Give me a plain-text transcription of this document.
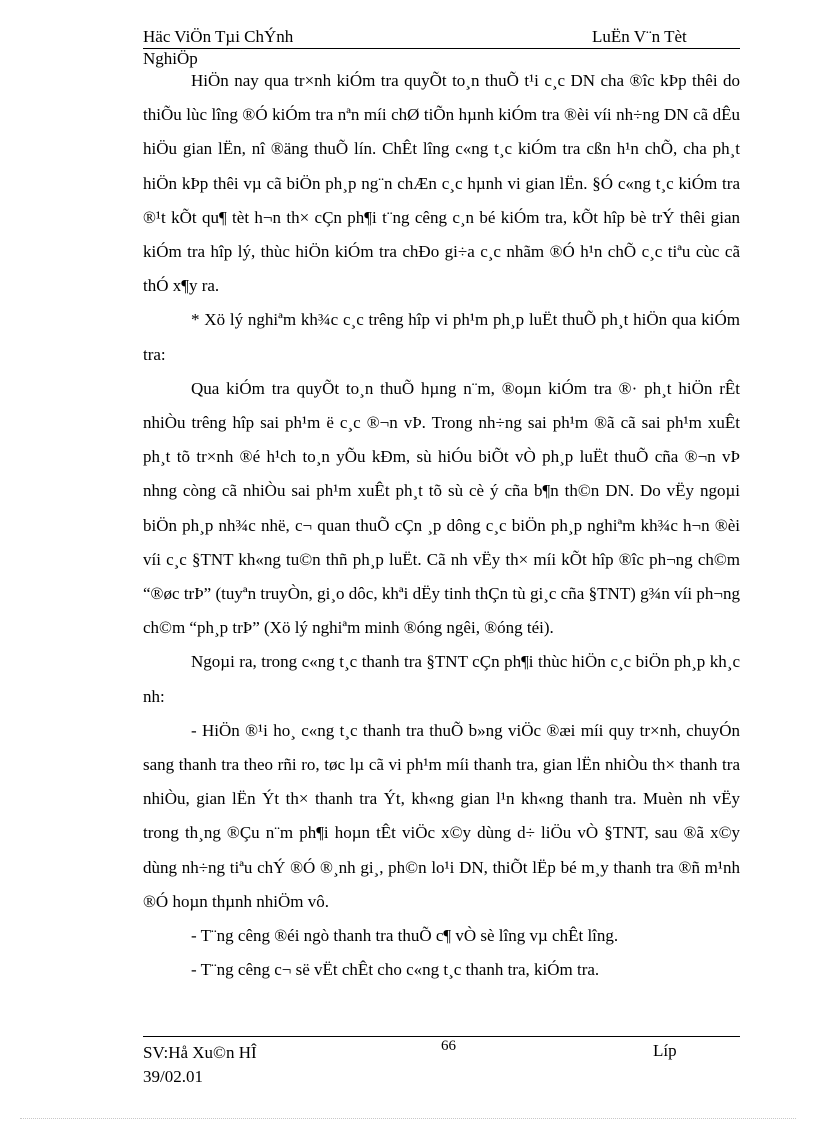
Häc ViÖn Tµi ChÝnh	LuËn V¨n Tèt
NghiÖp

HiÖn nay qua tr×nh kiÓm tra quyÕt to¸n thuÕ t¹i c¸c DN cha ®îc kÞp thêi do thiÕu lùc lîng ®Ó kiÓm tra nªn míi chØ tiÕn hµnh kiÓm tra ®èi víi nh÷ng DN cã dÊu hiÖu gian lËn, nî ®äng thuÕ lín. ChÊt lîng c«ng t¸c kiÓm tra cßn h¹n chÕ, cha ph¸t hiÖn kÞp thêi vµ cã biÖn ph¸p ng¨n chÆn c¸c hµnh vi gian lËn. §Ó c«ng t¸c kiÓm tra ®¹t kÕt qu¶ tèt h¬n th× cÇn ph¶i t¨ng cêng c¸n bé kiÓm tra, kÕt hîp bè trÝ thêi gian kiÓm tra hîp lý, thùc hiÖn kiÓm tra chÐo gi÷a c¸c nhãm ®Ó h¹n chÕ c¸c tiªu cùc cã thÓ x¶y ra.

* Xö lý nghiªm kh¾c c¸c trêng hîp vi ph¹m ph¸p luËt thuÕ ph¸t hiÖn qua kiÓm tra:

Qua kiÓm tra quyÕt to¸n thuÕ hµng n¨m, ®oµn kiÓm tra ®· ph¸t hiÖn rÊt nhiÒu trêng hîp sai ph¹m ë c¸c ®¬n vÞ. Trong nh÷ng sai ph¹m ®ã cã sai ph¹m xuÊt ph¸t tõ tr×nh ®é h¹ch to¸n yÕu kÐm, sù hiÓu biÕt vÒ ph¸p luËt thuÕ cña ®¬n vÞ nhng còng cã nhiÒu sai ph¹m xuÊt ph¸t tõ sù cè ý cña b¶n th©n DN. Do vËy ngoµi biÖn ph¸p nh¾c nhë, c¬ quan thuÕ cÇn ¸p dông c¸c biÖn ph¸p nghiªm kh¾c h¬n ®èi víi c¸c §TNT kh«ng tu©n thñ ph¸p luËt. Cã nh vËy th× míi kÕt hîp ®îc ph¬ng ch©m “®øc trÞ” (tuyªn truyÒn, gi¸o dôc, khªi dËy tinh thÇn tù gi¸c cña §TNT) g¾n víi ph¬ng ch©m “ph¸p trÞ” (Xö lý nghiªm minh ®óng ngêi, ®óng téi).

Ngoµi ra, trong c«ng t¸c thanh tra §TNT cÇn ph¶i thùc hiÖn c¸c biÖn ph¸p kh¸c nh:

- HiÖn ®¹i ho¸ c«ng t¸c thanh tra thuÕ b»ng viÖc ®æi míi quy tr×nh, chuyÓn sang thanh tra theo rñi ro, tøc lµ cã vi ph¹m míi thanh tra, gian lËn nhiÒu th× thanh tra nhiÒu, gian lËn Ýt th× thanh tra Ýt, kh«ng gian l¹n kh«ng thanh tra. Muèn nh vËy trong th¸ng ®Çu n¨m ph¶i hoµn tÊt viÖc x©y dùng d÷ liÖu vÒ §TNT, sau ®ã x©y dùng nh÷ng tiªu chÝ ®Ó ®¸nh gi¸, ph©n lo¹i DN, thiÕt lËp bé m¸y thanh tra ®ñ m¹nh ®Ó hoµn thµnh nhiÖm vô.

- T¨ng cêng ®éi ngò thanh tra thuÕ c¶ vÒ sè lîng vµ chÊt lîng.

- T¨ng cêng c¬ së vËt chÊt cho c«ng t¸c thanh tra, kiÓm tra.

SV:Hå Xu©n HÎ
39/02.01
66	Líp
